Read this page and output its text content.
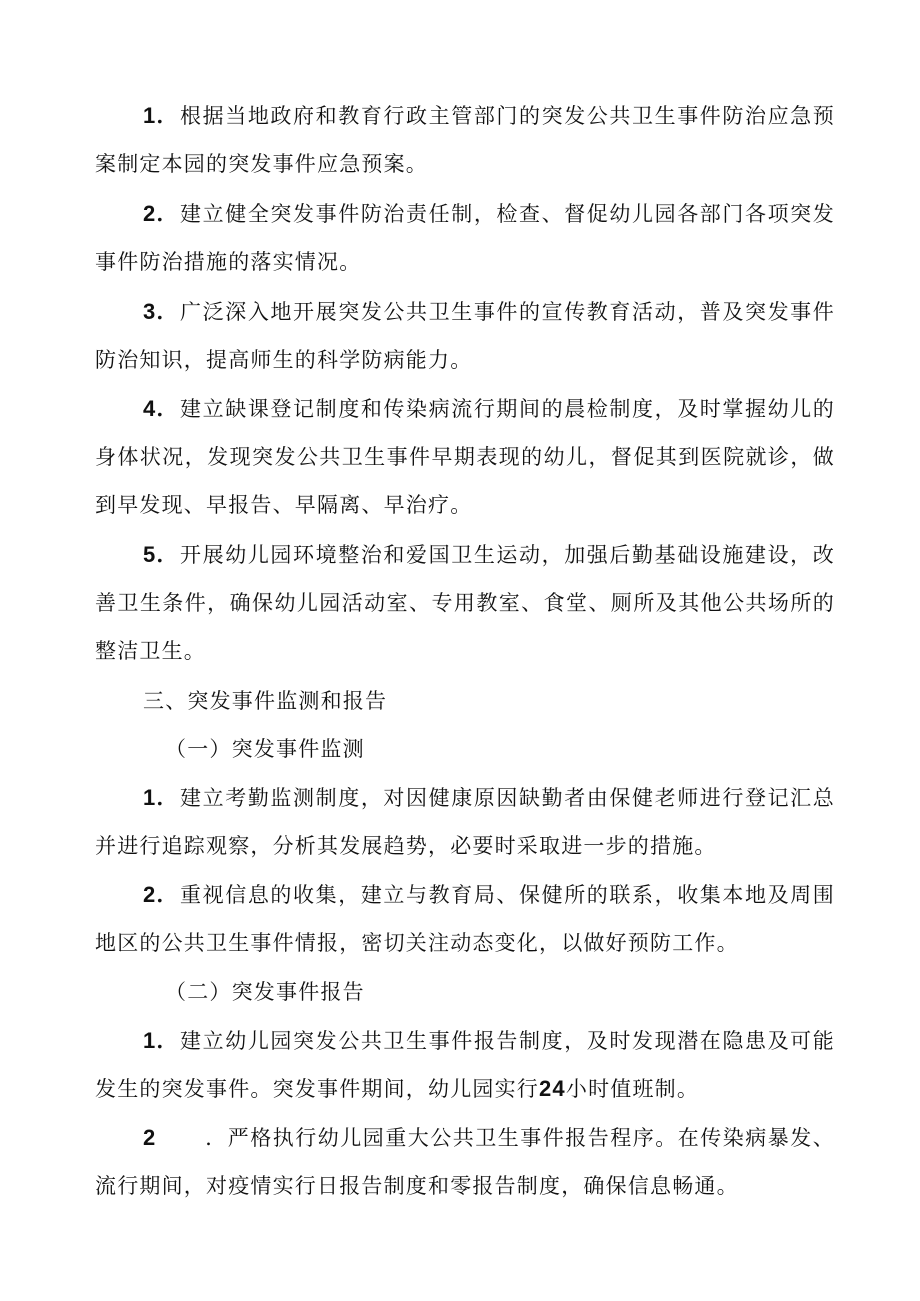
1．根据当地政府和教育行政主管部门的突发公共卫生事件防治应急预案制定本园的突发事件应急预案。

2．建立健全突发事件防治责任制，检查、督促幼儿园各部门各项突发事件防治措施的落实情况。

3．广泛深入地开展突发公共卫生事件的宣传教育活动，普及突发事件防治知识，提高师生的科学防病能力。

4．建立缺课登记制度和传染病流行期间的晨检制度，及时掌握幼儿的身体状况，发现突发公共卫生事件早期表现的幼儿，督促其到医院就诊，做到早发现、早报告、早隔离、早治疗。

5．开展幼儿园环境整治和爱国卫生运动，加强后勤基础设施建设，改善卫生条件，确保幼儿园活动室、专用教室、食堂、厕所及其他公共场所的整洁卫生。

三、突发事件监测和报告

（一）突发事件监测

1．建立考勤监测制度，对因健康原因缺勤者由保健老师进行登记汇总并进行追踪观察，分析其发展趋势，必要时采取进一步的措施。

2．重视信息的收集，建立与教育局、保健所的联系，收集本地及周围地区的公共卫生事件情报，密切关注动态变化，以做好预防工作。

（二）突发事件报告

1．建立幼儿园突发公共卫生事件报告制度，及时发现潜在隐患及可能发生的突发事件。突发事件期间，幼儿园实行24小时值班制。

2 ．严格执行幼儿园重大公共卫生事件报告程序。在传染病暴发、流行期间，对疫情实行日报告制度和零报告制度，确保信息畅通。
